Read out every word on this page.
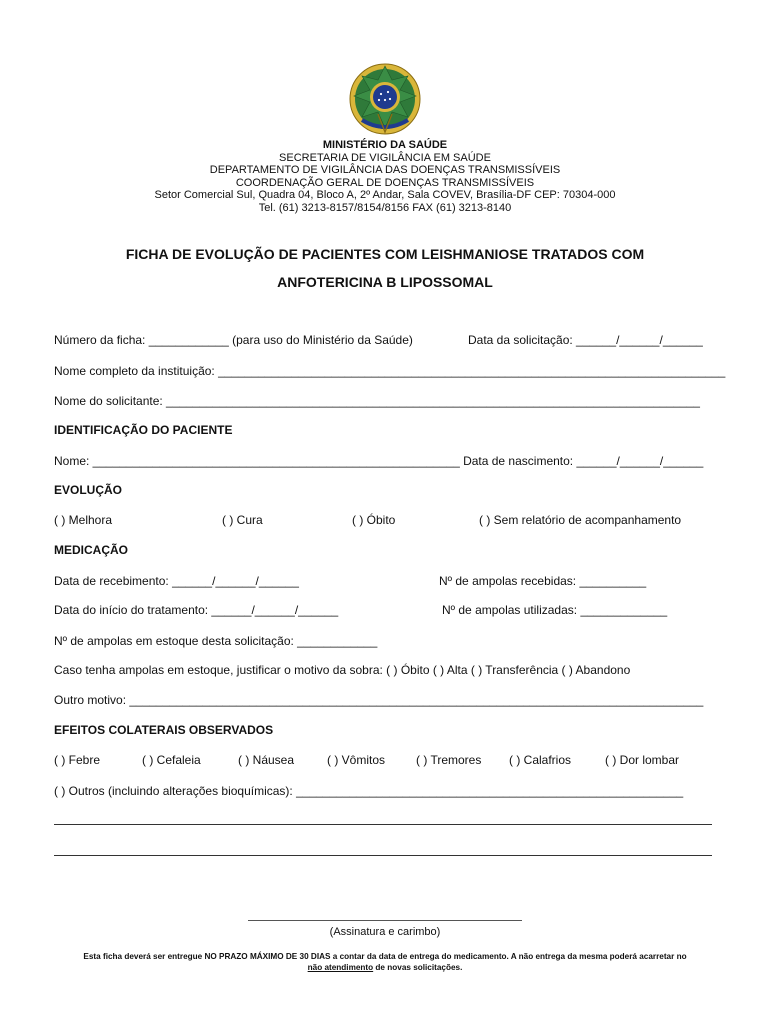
MINISTÉRIO DA SAÚDE
SECRETARIA DE VIGILÂNCIA EM SAÚDE
DEPARTAMENTO DE VIGILÂNCIA DAS DOENÇAS TRANSMISSÍVEIS
COORDENAÇÃO GERAL DE DOENÇAS TRANSMISSÍVEIS
Setor Comercial Sul, Quadra 04, Bloco A, 2º Andar, Sala COVEV, Brasília-DF CEP: 70304-000
Tel. (61) 3213-8157/8154/8156 FAX (61) 3213-8140
FICHA DE EVOLUÇÃO DE PACIENTES COM LEISHMANIOSE TRATADOS COM
ANFOTERICINA B LIPOSSOMAL
Número da ficha: ____________ (para uso do Ministério da Saúde)	Data da solicitação: ______/______/______
Nome completo da instituição: ____________________________________________________________________________
Nome do solicitante: ________________________________________________________________________________
IDENTIFICAÇÃO DO PACIENTE
Nome: _______________________________________________________ Data de nascimento: ______/______/______
EVOLUÇÃO
( ) Melhora	( ) Cura	( ) Óbito	( ) Sem relatório de acompanhamento
MEDICAÇÃO
Data de recebimento: ______/______/______	Nº de ampolas recebidas: __________
Data do início do tratamento: ______/______/______	Nº de ampolas utilizadas: _____________
Nº de ampolas em estoque desta solicitação: ____________
Caso tenha ampolas em estoque, justificar o motivo da sobra: ( ) Óbito ( ) Alta ( ) Transferência ( ) Abandono
Outro motivo: ______________________________________________________________________________________
EFEITOS COLATERAIS OBSERVADOS
( ) Febre	( ) Cefaleia	( ) Náusea	( ) Vômitos	( ) Tremores ( ) Calafrios	( ) Dor lombar
( ) Outros (incluindo alterações bioquímicas): __________________________________________________________
(Assinatura e carimbo)
Esta ficha deverá ser entregue NO PRAZO MÁXIMO DE 30 DIAS a contar da data de entrega do medicamento. A não entrega da mesma poderá acarretar no
não atendimento de novas solicitações.
